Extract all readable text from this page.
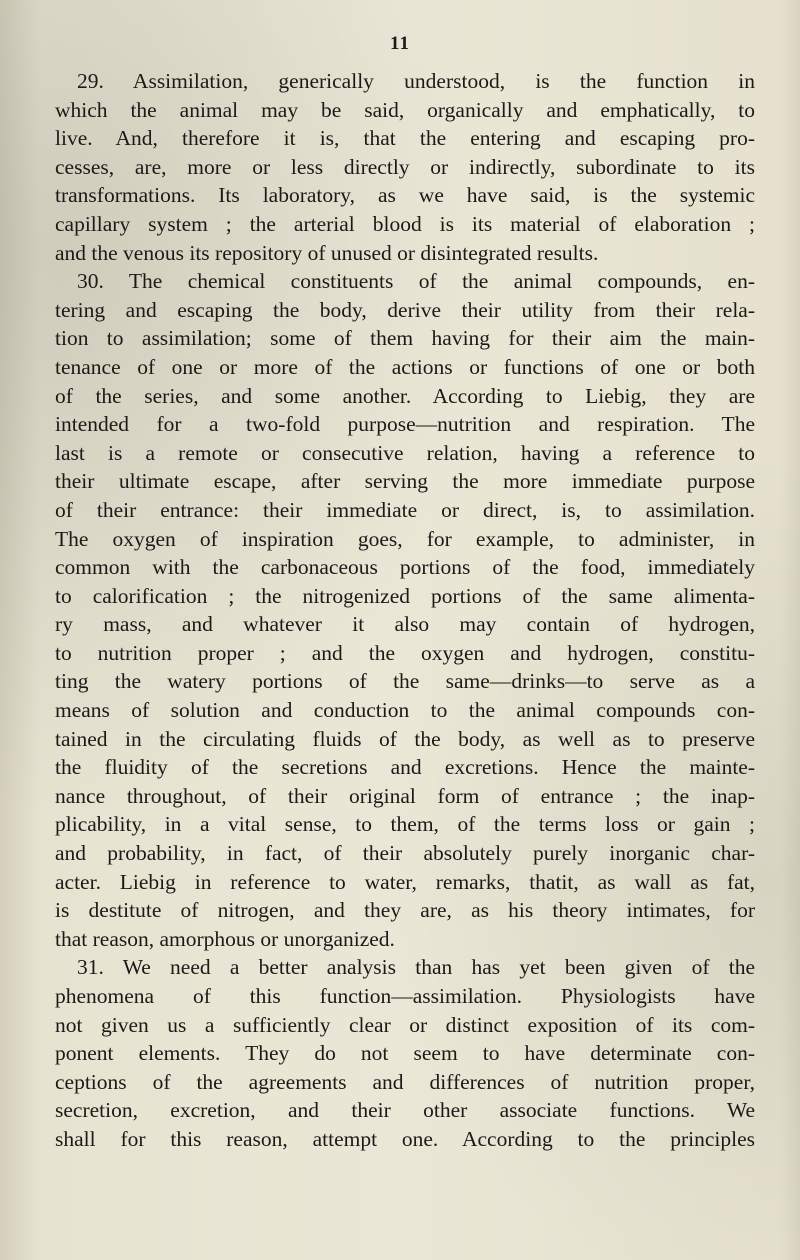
11
29. Assimilation, generically understood, is the function in
which the animal may be said, organically and emphatically, to
live. And, therefore it is, that the entering and escaping pro-
cesses, are, more or less directly or indirectly, subordinate to its
transformations. Its laboratory, as we have said, is the systemic
capillary system ; the arterial blood is its material of elaboration ;
and the venous its repository of unused or disintegrated results.
30. The chemical constituents of the animal compounds, en-
tering and escaping the body, derive their utility from their rela-
tion to assimilation; some of them having for their aim the main-
tenance of one or more of the actions or functions of one or both
of the series, and some another. According to Liebig, they are
intended for a two-fold purpose—nutrition and respiration. The
last is a remote or consecutive relation, having a reference to
their ultimate escape, after serving the more immediate purpose
of their entrance: their immediate or direct, is, to assimilation.
The oxygen of inspiration goes, for example, to administer, in
common with the carbonaceous portions of the food, immediately
to calorification ; the nitrogenized portions of the same alimenta-
ry mass, and whatever it also may contain of hydrogen,
to nutrition proper ; and the oxygen and hydrogen, constitu-
ting the watery portions of the same—drinks—to serve as a
means of solution and conduction to the animal compounds con-
tained in the circulating fluids of the body, as well as to preserve
the fluidity of the secretions and excretions. Hence the mainte-
nance throughout, of their original form of entrance ; the inap-
plicability, in a vital sense, to them, of the terms loss or gain ;
and probability, in fact, of their absolutely purely inorganic char-
acter. Liebig in reference to water, remarks, thatit, as wall as fat,
is destitute of nitrogen, and they are, as his theory intimates, for
that reason, amorphous or unorganized.
31. We need a better analysis than has yet been given of the
phenomena of this function—assimilation. Physiologists have
not given us a sufficiently clear or distinct exposition of its com-
ponent elements. They do not seem to have determinate con-
ceptions of the agreements and differences of nutrition proper,
secretion, excretion, and their other associate functions. We
shall for this reason, attempt one. According to the principles
